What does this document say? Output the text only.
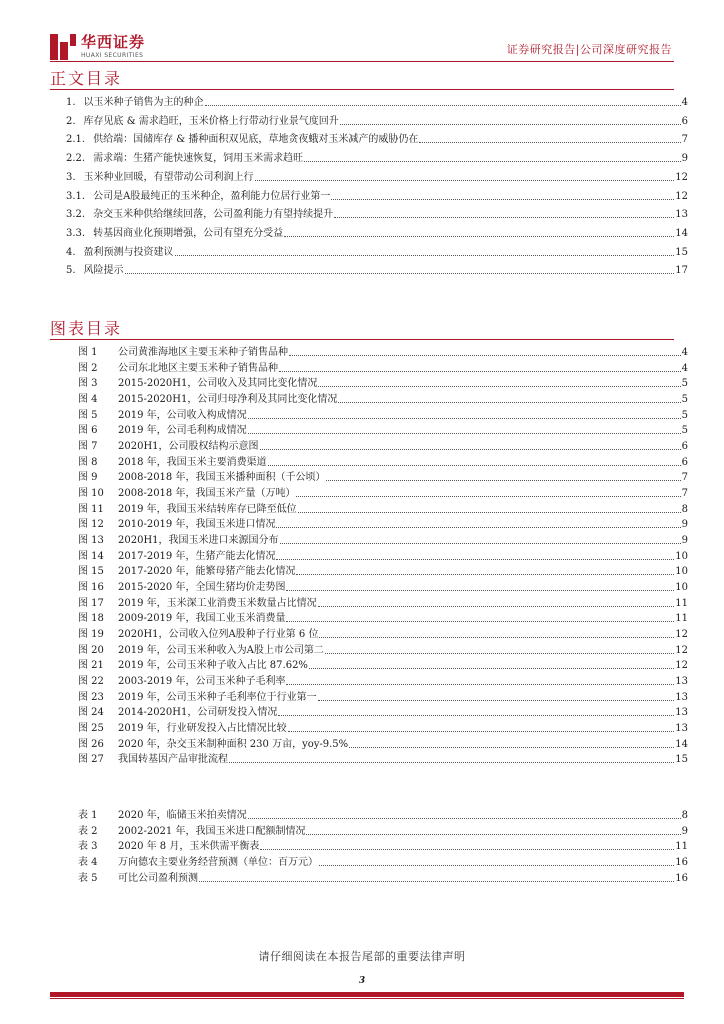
华西证券
HUAXI SECURITIES	证券研究报告|公司深度研究报告
正文目录
1. 以玉米种子销售为主的种企	4
2. 库存见底 & 需求趋旺，玉米价格上行带动行业景气度回升	6
2.1. 供给端：国储库存 & 播种面积双见底，草地贪夜蛾对玉米减产的威胁仍在	7
2.2. 需求端：生猪产能快速恢复，饲用玉米需求趋旺	9
3. 玉米种业回暖，有望带动公司利润上行	12
3.1. 公司是A股最纯正的玉米种企，盈利能力位居行业第一	12
3.2. 杂交玉米种供给继续回落，公司盈利能力有望持续提升	13
3.3. 转基因商业化预期增强，公司有望充分受益	14
4. 盈利预测与投资建议	15
5. 风险提示	17
图表目录
图 1	公司黄淮海地区主要玉米种子销售品种	4
图 2	公司东北地区主要玉米种子销售品种	4
图 3	2015-2020H1，公司收入及其同比变化情况	5
图 4	2015-2020H1，公司归母净利及其同比变化情况	5
图 5	2019 年，公司收入构成情况	5
图 6	2019 年，公司毛利构成情况	5
图 7	2020H1，公司股权结构示意图	6
图 8	2018 年，我国玉米主要消费渠道	6
图 9	2008-2018 年，我国玉米播种面积（千公顷）	7
图 10	2008-2018 年，我国玉米产量（万吨）	7
图 11	2019 年，我国玉米结转库存已降至低位	8
图 12	2010-2019 年，我国玉米进口情况	9
图 13	2020H1，我国玉米进口来源国分布	9
图 14	2017-2019 年，生猪产能去化情况	10
图 15	2017-2020 年，能繁母猪产能去化情况	10
图 16	2015-2020 年，全国生猪均价走势图	10
图 17	2019 年，玉米深工业消费玉米数量占比情况	11
图 18	2009-2019 年，我国工业玉米消费量	11
图 19	2020H1，公司收入位列A股种子行业第 6 位	12
图 20	2019 年，公司玉米种收入为A股上市公司第二	12
图 21	2019 年，公司玉米种子收入占比 87.62%	12
图 22	2003-2019 年，公司玉米种子毛利率	13
图 23	2019 年，公司玉米种子毛利率位于行业第一	13
图 24	2014-2020H1，公司研发投入情况	13
图 25	2019 年，行业研发投入占比情况比较	13
图 26	2020 年，杂交玉米制种面积 230 万亩，yoy-9.5%	14
图 27	我国转基因产品审批流程	15
表 1	2020 年，临储玉米拍卖情况	8
表 2	2002-2021 年，我国玉米进口配额制情况	9
表 3	2020 年 8 月，玉米供需平衡表	11
表 4	万向德农主要业务经营预测（单位：百万元）	16
表 5	可比公司盈利预测	16
请仔细阅读在本报告尾部的重要法律声明
3
